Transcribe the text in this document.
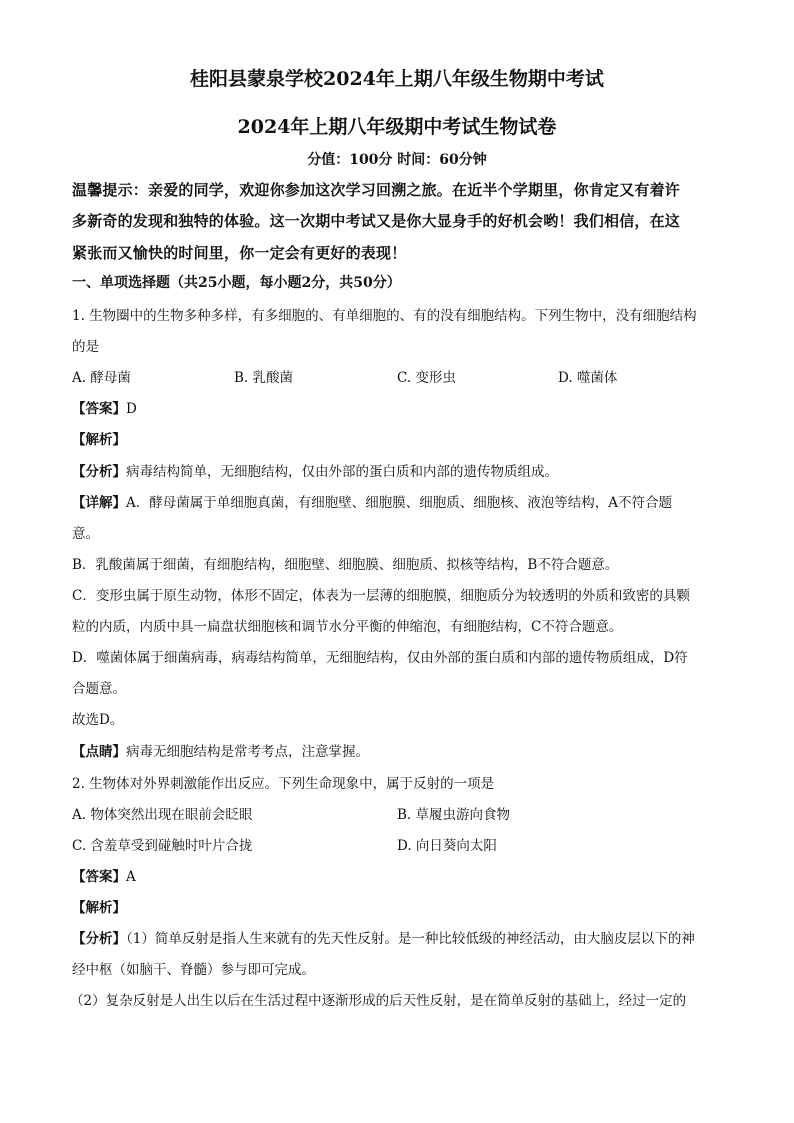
桂阳县蒙泉学校2024年上期八年级生物期中考试
2024年上期八年级期中考试生物试卷
分值：100分 时间：60分钟
温馨提示：亲爱的同学，欢迎你参加这次学习回溯之旅。在近半个学期里，你肯定又有着许
多新奇的发现和独特的体验。这一次期中考试又是你大显身手的好机会哟！我们相信，在这
紧张而又愉快的时间里，你一定会有更好的表现！
一、单项选择题（共25小题，每小题2分，共50分）
1. 生物圈中的生物多种多样，有多细胞的、有单细胞的、有的没有细胞结构。下列生物中，没有细胞结构
的是
A. 酵母菌	B. 乳酸菌	C. 变形虫	D. 噬菌体
【答案】D
【解析】
【分析】病毒结构简单，无细胞结构，仅由外部的蛋白质和内部的遗传物质组成。
【详解】A．酵母菌属于单细胞真菌，有细胞壁、细胞膜、细胞质、细胞核、液泡等结构，A不符合题
意。
B．乳酸菌属于细菌，有细胞结构，细胞壁、细胞膜、细胞质、拟核等结构，B不符合题意。
C．变形虫属于原生动物，体形不固定，体表为一层薄的细胞膜，细胞质分为较透明的外质和致密的具颗
粒的内质，内质中具一扁盘状细胞核和调节水分平衡的伸缩泡，有细胞结构，C不符合题意。
D．噬菌体属于细菌病毒，病毒结构简单，无细胞结构，仅由外部的蛋白质和内部的遗传物质组成，D符
合题意。
故选D。
【点睛】病毒无细胞结构是常考考点，注意掌握。
2. 生物体对外界刺激能作出反应。下列生命现象中，属于反射的一项是
A. 物体突然出现在眼前会眨眼	B. 草履虫游向食物
C. 含羞草受到碰触时叶片合拢	D. 向日葵向太阳
【答案】A
【解析】
【分析】（1）简单反射是指人生来就有的先天性反射。是一种比较低级的神经活动，由大脑皮层以下的神
经中枢（如脑干、脊髓）参与即可完成。
（2）复杂反射是人出生以后在生活过程中逐渐形成的后天性反射，是在简单反射的基础上，经过一定的
